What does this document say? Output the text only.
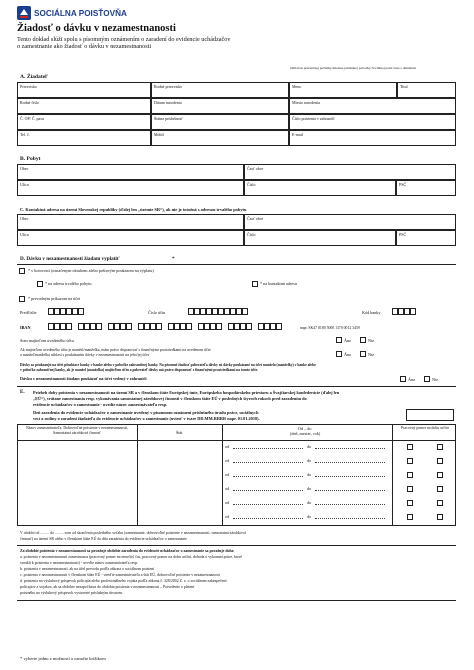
SOCIÁLNA POISŤOVŇA
Žiadosť o dávku v nezamestnanosti
Tento doklad slúži spolu s písomným oznámením o zaradení do evidencie uchádzačov
o zamestnanie ako žiadosť o dávku v nezamestnanosti
Odtlačok prezenčnej pečiatky miestne príslušnej pobočky Sociálnej poisťovne s dátumom
A. Žiadateľ
Priezvisko	Rodné priezvisko	Meno	Titul
Rodné číslo	Dátum narodenia	Miesto narodenia
Č. OP/ Č. pasu	Štátna príslušnosť	Číslo poistenia v zahraničí
Tel. č.	Mobil	E-mail
B. Pobyt
Obec	Časť obce
Ulica	Číslo	PSČ
C. Kontaktná adresa na území Slovenskej republiky (ďalej len „územie SR“), ak nie je totožná s adresou trvalého pobytu
Obec	Časť obce
Ulica	Číslo	PSČ
D. Dávku v nezamestnanosti žiadam vyplatiť	*
* v hotovosti (označenym okruhom alebo poštovým poukazom na výplatu)
* na adresu trvalého pobytu	* na kontaktnú adresu
* prevodným príkazom na účet
Predčíslie	Číslo účtu	Kód banky
IBAN	napr. SK47 8180 5000 1370 0012 3459
Som majiteľom uvedeného účtu	Áno	Nie
Ak majiteľom uvedeného účtu je manžel/manželka, mám právo disponovať s finančnými prostriedkami na uvedenom účte
a manžel/manželka súhlasí s poukázaním dávky v nezamestnanosti na jeho/jej účet	Áno	Nie
Dávky sa poukazujú na účet pôsobiace banky v banke alebo v pobočke zahraničnej banky. Na písomné žiadosť poberateľa dávky sú dávky poukázané na účet manžela (manželky) v banke alebo
v pobočke zahraničnej banky, ak je manžel (manželka) majiteľom účtu a poberateľ dávky má právo disponovať s finančnými prostriedkami na tomto účte.
Dávku v nezamestnanosti žiadam poukázať na účet vedený v zahraničí	Áno	Nie
E. Priebeh doby poistenia v nezamestnanosti na území SR a v členskom štáte Európskej únie, Európskeho hospodárskeho priestoru a Švajčiarskej konfederácie (ďalej len
„EÚ“), vrátane zamestnania resp. vykonávania samostatnej zárobkovej činnosti v členskom štáte EÚ v posledných štyroch rokoch pred zaradením do
evidencie uchádzačov o zamestnanie - uvedte názov zamestnávateľa resp.
Deň zaradenia do evidencie uchádzačov o zamestnanie uvedený v písomnom oznámení príslušného úradu práce, sociálnych
vecí a rodiny o zaradení žiadateľa do evidencie uchádzačov o zamestnanie (uviesť v tvare DD.MM.RRRR napr. 01.01.2018).
Názov zamestnávateľa, Dobrovoľné poistenie v nezamestnanosti, Samostatná zárobková činnosť	Štát
Od – do
(deň, mesiac, rok)
Pracovný pomer na dobu určitú
od	do
od	do
od	do
od	do
od	do
od	do
V období od ......... do ......... som od skončenia posledného vzťahu (zamestnanie, dobrovoľné poistenie v nezamestnanosti, samostatná zárobková
činnosť) na území SR alebo v členskom štáte EÚ do dňa zaradenia do evidencie uchádzačov o zamestnanie
Za obdobie poistenia v nezamestnanosti sa považuje obdobie zaradenia do evidencie uchádzačov o zamestnanie sa považuje doba
a. poistenia v nezamestnanosti zamestnanca (pracovný pomer na neurčitý čas, pracovný pomer na dobu určitú, dohoda o vykonaní práce, ktoré
vznikli k poisteniu v nezamestnanosti) - uveďte názov zamestnávateľa resp.
b. poistenia v nezamestnanosti, ak na účel prevodu podľa zákona o sociálnom poistení
c. poistenia v nezamestnanosti v členskom štáte EÚ - uveďte zamestnávateľa a štát EÚ, dobrovoľné poistenie v nezamestnanosti
d. poistenia na výsluhový príspevok policajta alebo profesionálneho vojaka podľa zákona č. 328/2002 Z. z. o sociálnom zabezpečení
policajtov a vojakov, ak sa obdobie nezapočítava do obdobia poistenia v nezamestnanosti – Potvrdenie o platení
poistného na výsluhový príspevok vystavené príslušným útvarom.
* vyberte jednu z možností a označte krížikom
